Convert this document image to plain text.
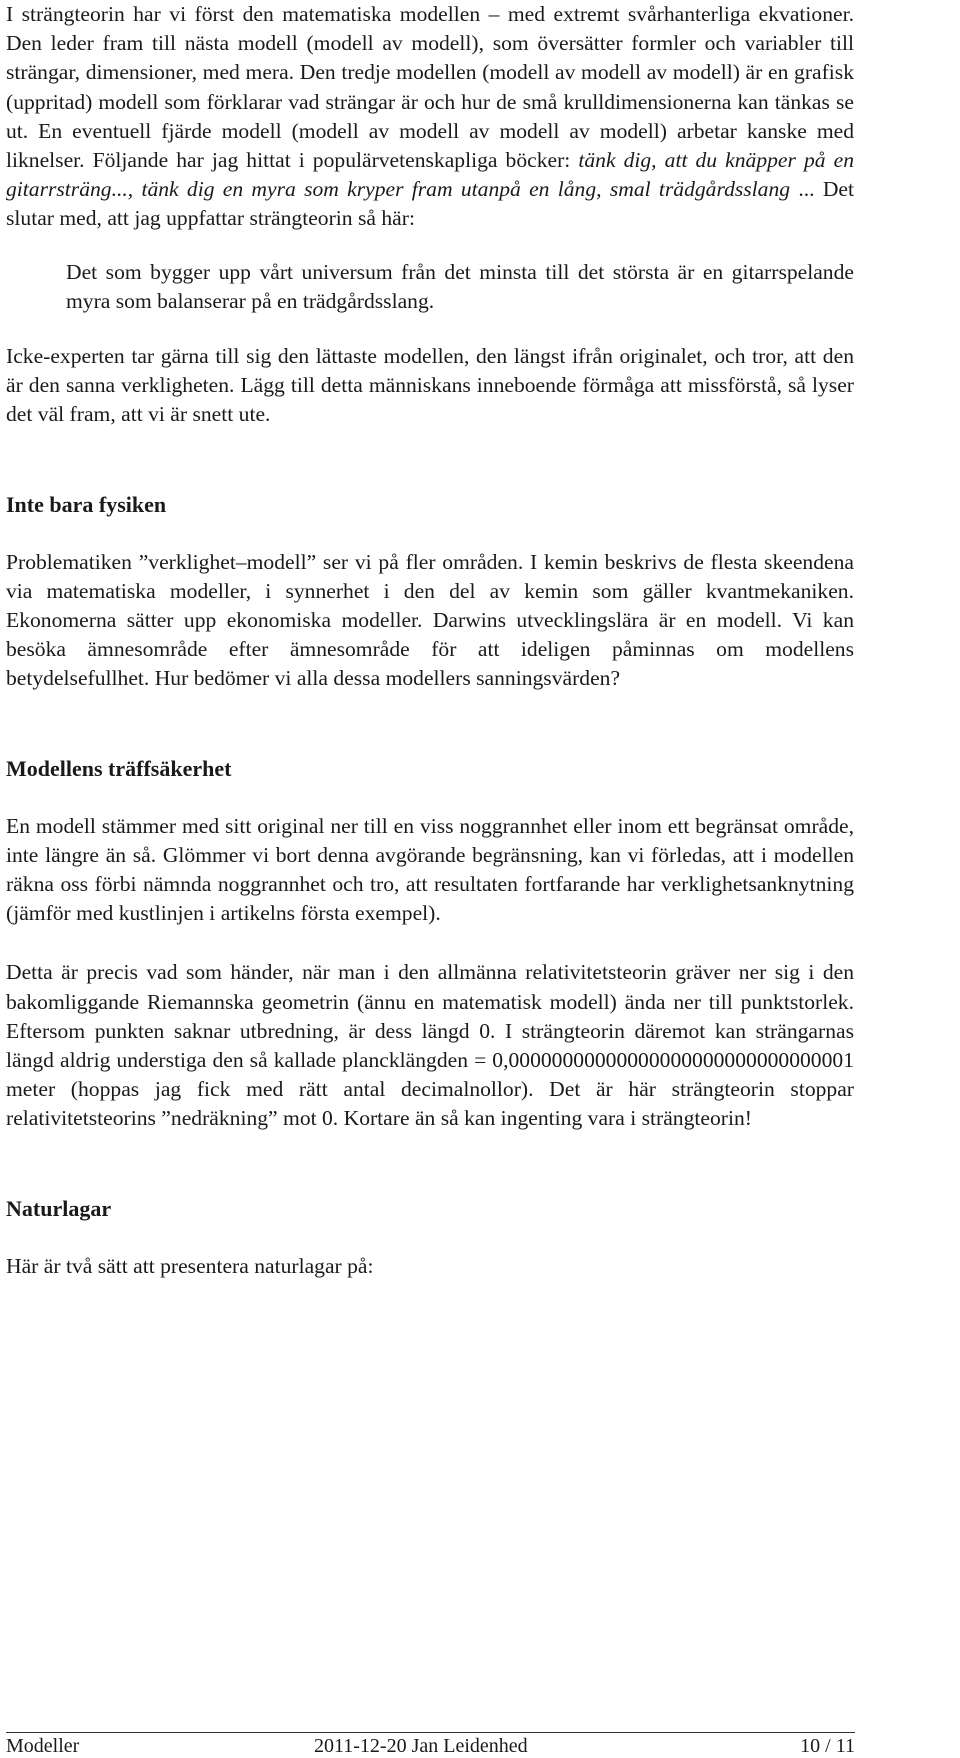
I strängteorin har vi först den matematiska modellen – med extremt svårhanterliga ekvationer. Den leder fram till nästa modell (modell av modell), som översätter formler och variabler till strängar, dimensioner, med mera. Den tredje modellen (modell av modell av modell) är en grafisk (uppritad) modell som förklarar vad strängar är och hur de små krulldimensionerna kan tänkas se ut. En eventuell fjärde modell (modell av modell av modell av modell) arbetar kanske med liknelser. Följande har jag hittat i populärvetenskapliga böcker: tänk dig, att du knäpper på en gitarrsträng..., tänk dig en myra som kryper fram utanpå en lång, smal trädgårdsslang ... Det slutar med, att jag uppfattar strängteorin så här:

Det som bygger upp vårt universum från det minsta till det största är en gitarrspelande myra som balanserar på en trädgårdsslang.

Icke-experten tar gärna till sig den lättaste modellen, den längst ifrån originalet, och tror, att den är den sanna verkligheten. Lägg till detta människans inneboende förmåga att missförstå, så lyser det väl fram, att vi är snett ute.

Inte bara fysiken

Problematiken ”verklighet–modell” ser vi på fler områden. I kemin beskrivs de flesta skeendena via matematiska modeller, i synnerhet i den del av kemin som gäller kvantmekaniken. Ekonomerna sätter upp ekonomiska modeller. Darwins utvecklingslära är en modell. Vi kan besöka ämnesområde efter ämnesområde för att ideligen påminnas om modellens betydelsefullhet. Hur bedömer vi alla dessa modellers sanningsvärden?

Modellens träffsäkerhet

En modell stämmer med sitt original ner till en viss noggrannhet eller inom ett begränsat område, inte längre än så. Glömmer vi bort denna avgörande begränsning, kan vi förledas, att i modellen räkna oss förbi nämnda noggrannhet och tro, att resultaten fortfarande har verklighetsanknytning (jämför med kustlinjen i artikelns första exempel).

Detta är precis vad som händer, när man i den allmänna relativitetsteorin gräver ner sig i den bakomliggande Riemannska geometrin (ännu en matematisk modell) ända ner till punktstorlek. Eftersom punkten saknar utbredning, är dess längd 0. I strängteorin däremot kan strängarnas längd aldrig understiga den så kallade plancklängden = 0,00000000000000000000000000000001 meter (hoppas jag fick med rätt antal decimalnollor). Det är här strängteorin stoppar relativitetsteorins ”nedräkning” mot 0. Kortare än så kan ingenting vara i strängteorin!

Naturlagar

Här är två sätt att presentera naturlagar på:

Modeller	2011-12-20 Jan Leidenhed	10 / 11
